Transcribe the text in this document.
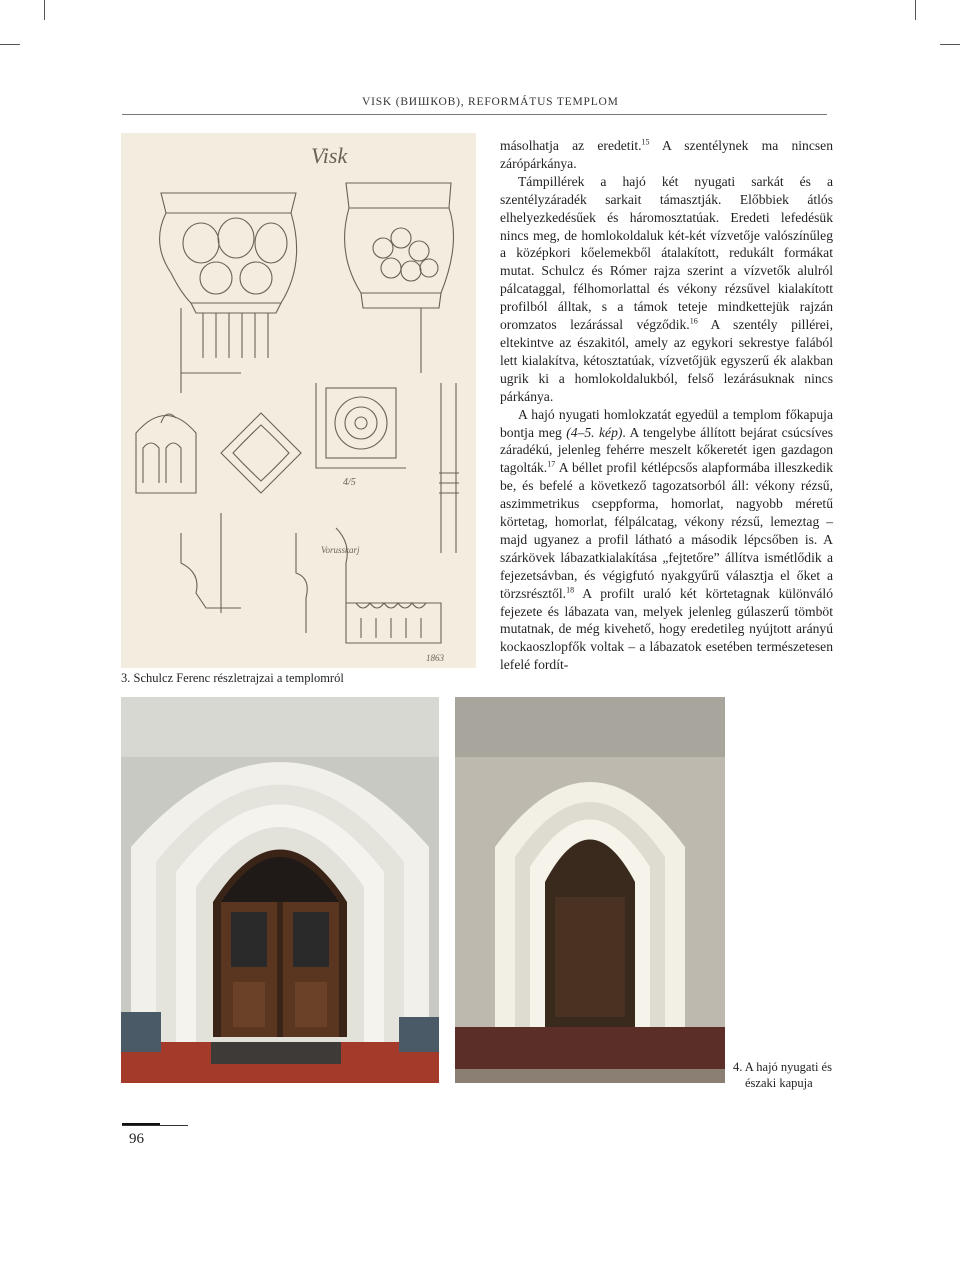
VISK (ВИШКОВ), REFORMÁTUS TEMPLOM
Visk
4/5
Vorusskarj
1863
3. Schulcz Ferenc részletrajzai a templomról

másolhatja az eredetit.$^{15}$ A szentélynek ma nincsen zárópárkánya.

Támpillérek a hajó két nyugati sarkát és a szentélyzáradék sarkait támasztják. Előbbiek átlós elhelyezkedésűek és háromosztatúak. Eredeti lefedésük nincs meg, de homlokoldaluk két-két vízvetője valószínűleg a középkori kőelemekből átalakított, redukált formákat mutat. Schulcz és Rómer rajza szerint a vízvetők alulról pálcataggal, félhomorlattal és vékony rézsűvel kialakított profilból álltak, s a támok teteje mindkettejük rajzán oromzatos lezárással végződik.$^{16}$ A szentély pillérei, eltekintve az északitól, amely az egykori sekrestye falából lett kialakítva, kétosztatúak, vízvetőjük egyszerű ék alakban ugrik ki a homlokoldalukból, felső lezárásuknak nincs párkánya.

A hajó nyugati homlokzatát egyedül a templom főkapuja bontja meg (4–5. kép). A tengelybe állított bejárat csúcsíves záradékú, jelenleg fehérre meszelt kőkeretét igen gazdagon tagolták.$^{17}$ A béllet profil kétlépcsős alapformába illeszkedik be, és befelé a következő tagozatsorból áll: vékony rézsű, aszimmetrikus cseppforma, homorlat, nagyobb méretű körtetag, homorlat, félpálcatag, vékony rézsű, lemeztag – majd ugyanez a profil látható a második lépcsőben is. A szárkövek lábazatkialakítása „fejtetőre” állítva ismétlődik a fejezetsávban, és végigfutó nyakgyűrű választja el őket a törzsrésztől.$^{18}$ A profilt uraló két körtetagnak különváló fejezete és lábazata van, melyek jelenleg gúlaszerű tömböt mutatnak, de még kivehető, hogy eredetileg nyújtott arányú kockaoszlopfők voltak – a lábazatok esetében természetesen lefelé fordít-

4. A hajó nyugati és
északi kapuja
96
